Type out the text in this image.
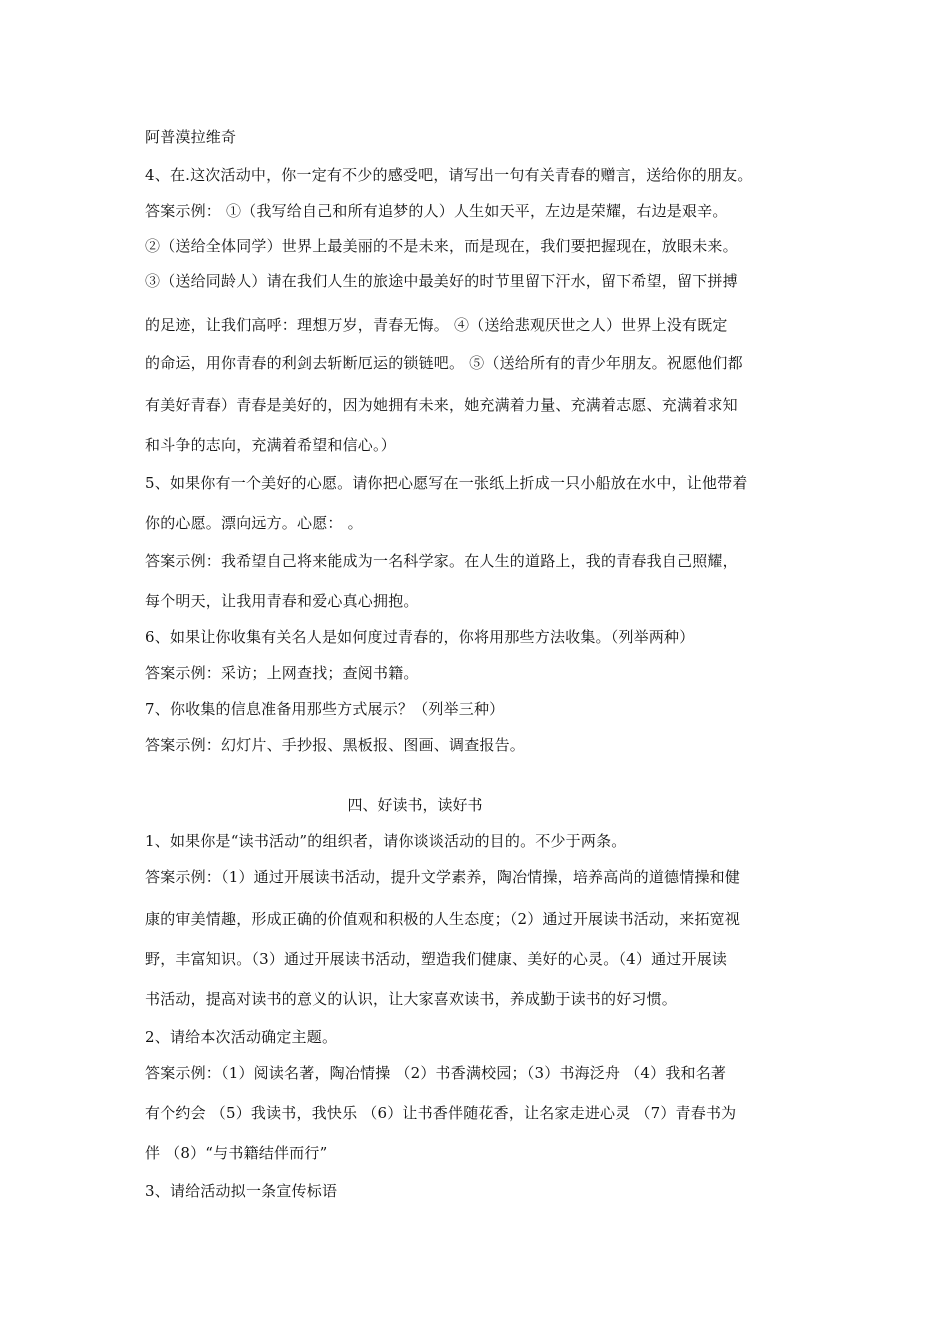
阿普漠拉维奇
4、在.这次活动中，你一定有不少的感受吧，请写出一句有关青春的赠言，送给你的朋友。
答案示例： ①（我写给自己和所有追梦的人）人生如天平，左边是荣耀，右边是艰辛。
②（送给全体同学）世界上最美丽的不是未来，而是现在，我们要把握现在，放眼未来。
③（送给同龄人）请在我们人生的旅途中最美好的时节里留下汗水，留下希望，留下拼搏
的足迹，让我们高呼：理想万岁，青春无悔。 ④（送给悲观厌世之人）世界上没有既定
的命运，用你青春的利剑去斩断厄运的锁链吧。 ⑤（送给所有的青少年朋友。祝愿他们都
有美好青春）青春是美好的，因为她拥有未来，她充满着力量、充满着志愿、充满着求知
和斗争的志向，充满着希望和信心。）
5、如果你有一个美好的心愿。请你把心愿写在一张纸上折成一只小船放在水中，让他带着
你的心愿。漂向远方。心愿： 。
答案示例：我希望自己将来能成为一名科学家。在人生的道路上，我的青春我自己照耀，
每个明天，让我用青春和爱心真心拥抱。
6、如果让你收集有关名人是如何度过青春的，你将用那些方法收集。（列举两种）
答案示例：采访；上网查找；查阅书籍。
7、你收集的信息准备用那些方式展示？（列举三种）
答案示例：幻灯片、手抄报、黑板报、图画、调查报告。
四、好读书，读好书
1、如果你是“读书活动”的组织者，请你谈谈活动的目的。不少于两条。
答案示例：（1）通过开展读书活动，提升文学素养，陶冶情操，培养高尚的道德情操和健
康的审美情趣，形成正确的价值观和积极的人生态度；（2）通过开展读书活动，来拓宽视
野，丰富知识。（3）通过开展读书活动，塑造我们健康、美好的心灵。（4）通过开展读
书活动，提高对读书的意义的认识，让大家喜欢读书，养成勤于读书的好习惯。
2、请给本次活动确定主题。
答案示例：（1）阅读名著，陶冶情操 （2）书香满校园；（3）书海泛舟 （4）我和名著
有个约会 （5）我读书，我快乐 （6）让书香伴随花香，让名家走进心灵 （7）青春书为
伴 （8）“与书籍结伴而行”
3、请给活动拟一条宣传标语
